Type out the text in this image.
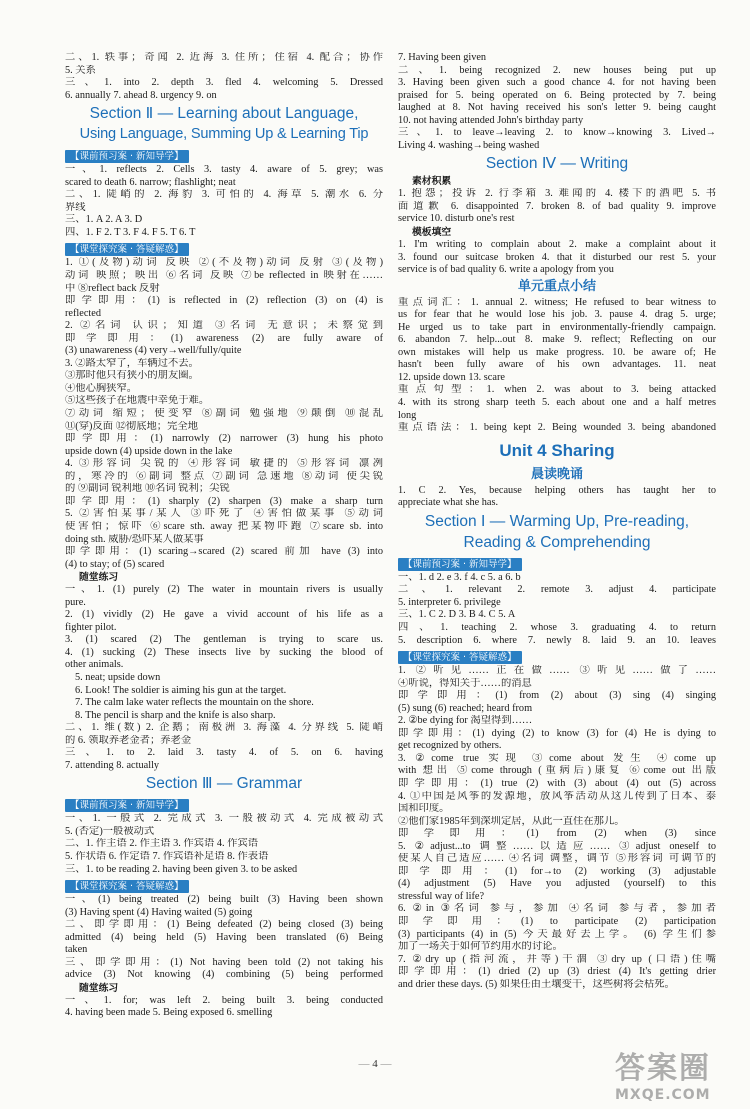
二、1. 轶事；奇闻 2. 近海 3. 住所；住宿 4. 配合；协作
5. 关系
三、1. into 2. depth 3. fled 4. welcoming 5. Dressed
6. annually 7. ahead 8. urgency 9. on
Section Ⅱ — Learning about Language,
Using Language, Summing Up & Learning Tip
【课前预习案 · 新知导学】
一、1. reflects 2. Cells 3. tasty 4. aware of 5. grey; was
scared to death 6. narrow; flashlight; neat
二、1. 陡峭的 2. 海豹 3. 可怕的 4. 海草 5. 潮水 6. 分
界线
三、1. A 2. A 3. D
四、1. F 2. T 3. F 4. F 5. T 6. T
【课堂探究案 · 答疑解惑】
1. ①(及物)动词 反映 ②(不及物)动词 反射 ③(及物)
动词 映照；映出 ⑥名词 反映 ⑦be reflected in 映射在……
中 ⑧reflect back 反射
即学即用：(1) is reflected in (2) reflection (3) on (4) is
reflected
2. ②名词 认识；知道 ③名词 无意识；未察觉到
即学即用：(1) awareness (2) are fully aware of
(3) unawareness (4) very→well/fully/quite
3. ②路太窄了，车辆过不去。
③那时他只有狭小的朋友圈。
④他心胸狭窄。
⑤这些孩子在地震中幸免于难。
⑦动词 缩短；使变窄 ⑧副词 勉强地 ⑨颠倒 ⑩混乱
⑪(穿)反面 ⑫彻底地；完全地
即学即用：(1) narrowly (2) narrower (3) hung his photo
upside down (4) upside down in the lake
4. ③形容词 尖锐的 ④形容词 敏捷的 ⑤形容词 凛冽
的，寒冷的 ⑥副词 整点 ⑦副词 急速地 ⑧动词 使尖锐
的 ⑨副词 锐利地 ⑩名词 锐利；尖锐
即学即用：(1) sharply (2) sharpen (3) make a sharp turn
5. ②害怕某事/某人 ③吓死了 ④害怕做某事 ⑤动词
使害怕；惊吓 ⑥scare sth. away 把某物吓跑 ⑦scare sb. into
doing sth. 威胁/恐吓某人做某事
即学即用：(1) scaring→scared (2) scared 前加 have (3) into
(4) to stay; of (5) scared
随堂练习
一、1. (1) purely (2) The water in mountain rivers is usually
pure.
2. (1) vividly (2) He gave a vivid account of his life as a
fighter pilot.
3. (1) scared (2) The gentleman is trying to scare us.
4. (1) sucking (2) These insects live by sucking the blood of
other animals.
5. neat; upside down
6. Look! The soldier is aiming his gun at the target.
7. The calm lake water reflects the mountain on the shore.
8. The pencil is sharp and the knife is also sharp.
二、1. 维(数) 2. 企鹅；南极洲 3. 海藻 4. 分界线 5. 陡峭
的 6. 领取养老金者；养老金
三、1. to 2. laid 3. tasty 4. of 5. on 6. having
7. attending 8. actually
Section Ⅲ — Grammar
【课前预习案 · 新知导学】
一、1. 一般式 2. 完成式 3. 一般被动式 4. 完成被动式
5. (否定)一般被动式
二、1. 作主语 2. 作主语 3. 作宾语 4. 作宾语
5. 作状语 6. 作定语 7. 作宾语补足语 8. 作表语
三、1. to be reading 2. having been given 3. to be asked
【课堂探究案 · 答疑解惑】
一、(1) being treated (2) being built (3) Having been shown
(3) Having spent (4) Having waited (5) going
二、即学即用：(1) Being defeated (2) being closed (3) being
admitted (4) being held (5) Having been translated (6) Being
taken
三、即学即用：(1) Not having been told (2) not taking his
advice (3) Not knowing (4) combining (5) being performed
随堂练习
一、1. for; was left 2. being built 3. being conducted
4. having been made 5. Being exposed 6. smelling
7. Having been given
二、1. being recognized 2. new houses being put up
3. Having been given such a good chance 4. for not having been
praised for 5. being operated on 6. Being protected by 7. being
laughed at 8. Not having received his son's letter 9. being caught
10. not having attended John's birthday party
三、1. to leave→leaving 2. to know→knowing 3. Lived→
Living 4. washing→being washed
Section Ⅳ — Writing
素材积累
1. 抱怨；投诉 2. 行李箱 3. 难闻的 4. 楼下的酒吧 5. 书
面道歉 6. disappointed 7. broken 8. of bad quality 9. improve
service 10. disturb one's rest
模板填空
1. I'm writing to complain about 2. make a complaint about it
3. found our suitcase broken 4. that it disturbed our rest 5. your
service is of bad quality 6. write a apology from you
单元重点小结
重点词汇：1. annual 2. witness; He refused to bear witness to
us for fear that he would lose his job. 3. pause 4. drag 5. urge;
He urged us to take part in environmentally-friendly campaign.
6. abandon 7. help...out 8. make 9. reflect; Reflecting on our
own mistakes will help us make progress. 10. be aware of; He
hasn't been fully aware of his own advantages. 11. neat
12. upside down 13. scare
重点句型：1. when 2. was about to 3. being attacked
4. with its strong sharp teeth 5. each about one and a half metres
long
重点语法：1. being kept 2. Being wounded 3. being abandoned
Unit 4 Sharing
晨读晚诵
1. C 2. Yes, because helping others has taught her to
appreciate what she has.
Section Ⅰ — Warming Up, Pre-reading,
Reading & Comprehending
【课前预习案 · 新知导学】
一、1. d 2. e 3. f 4. c 5. a 6. b
二、1. relevant 2. remote 3. adjust 4. participate
5. interpreter 6. privilege
三、1. C 2. D 3. B 4. C 5. A
四、1. teaching 2. whose 3. graduating 4. to return
5. description 6. where 7. newly 8. laid 9. an 10. leaves
【课堂探究案 · 答疑解惑】
1. ②听见……正在做…… ③听见……做了……
④听说，得知关于……的消息
即学即用：(1) from (2) about (3) sing (4) singing
(5) sung (6) reached; heard from
2. ②be dying for 渴望得到……
即学即用：(1) dying (2) to know (3) for (4) He is dying to
get recognized by others.
3. ②come true 实现 ③come about 发生 ④come up
with 想出 ⑤come through (重病后)康复 ⑥come out 出版
即学即用：(1) true (2) with (3) about (4) out (5) across
4. ①中国是风筝的发源地，放风筝活动从这儿传到了日本、泰
国和印度。
②他们家1985年到深圳定居，从此一直住在那儿。
即学即用：(1) from (2) when (3) since
5. ②adjust...to 调整……以适应…… ③adjust oneself to
使某人自己适应…… ④名词 调整，调节 ⑤形容词 可调节的
即学即用：(1) for→to (2) working (3) adjustable
(4) adjustment (5) Have you adjusted (yourself) to this
stressful way of life?
6. ②in ③名词 参与，参加 ④名词 参与者，参加者
即学即用：(1) to participate (2) participation
(3) participants (4) in (5) 今天最好去上学。 (6) 学生们参
加了一场关于如何节约用水的讨论。
7. ②dry up (指河流，井等)干涸 ③dry up (口语)住嘴
即学即用：(1) dried (2) up (3) driest (4) It's getting drier
and drier these days. (5) 如果任由土壤变干，这些树将会枯死。
— 4 —	答案圈
MXQE.COM
